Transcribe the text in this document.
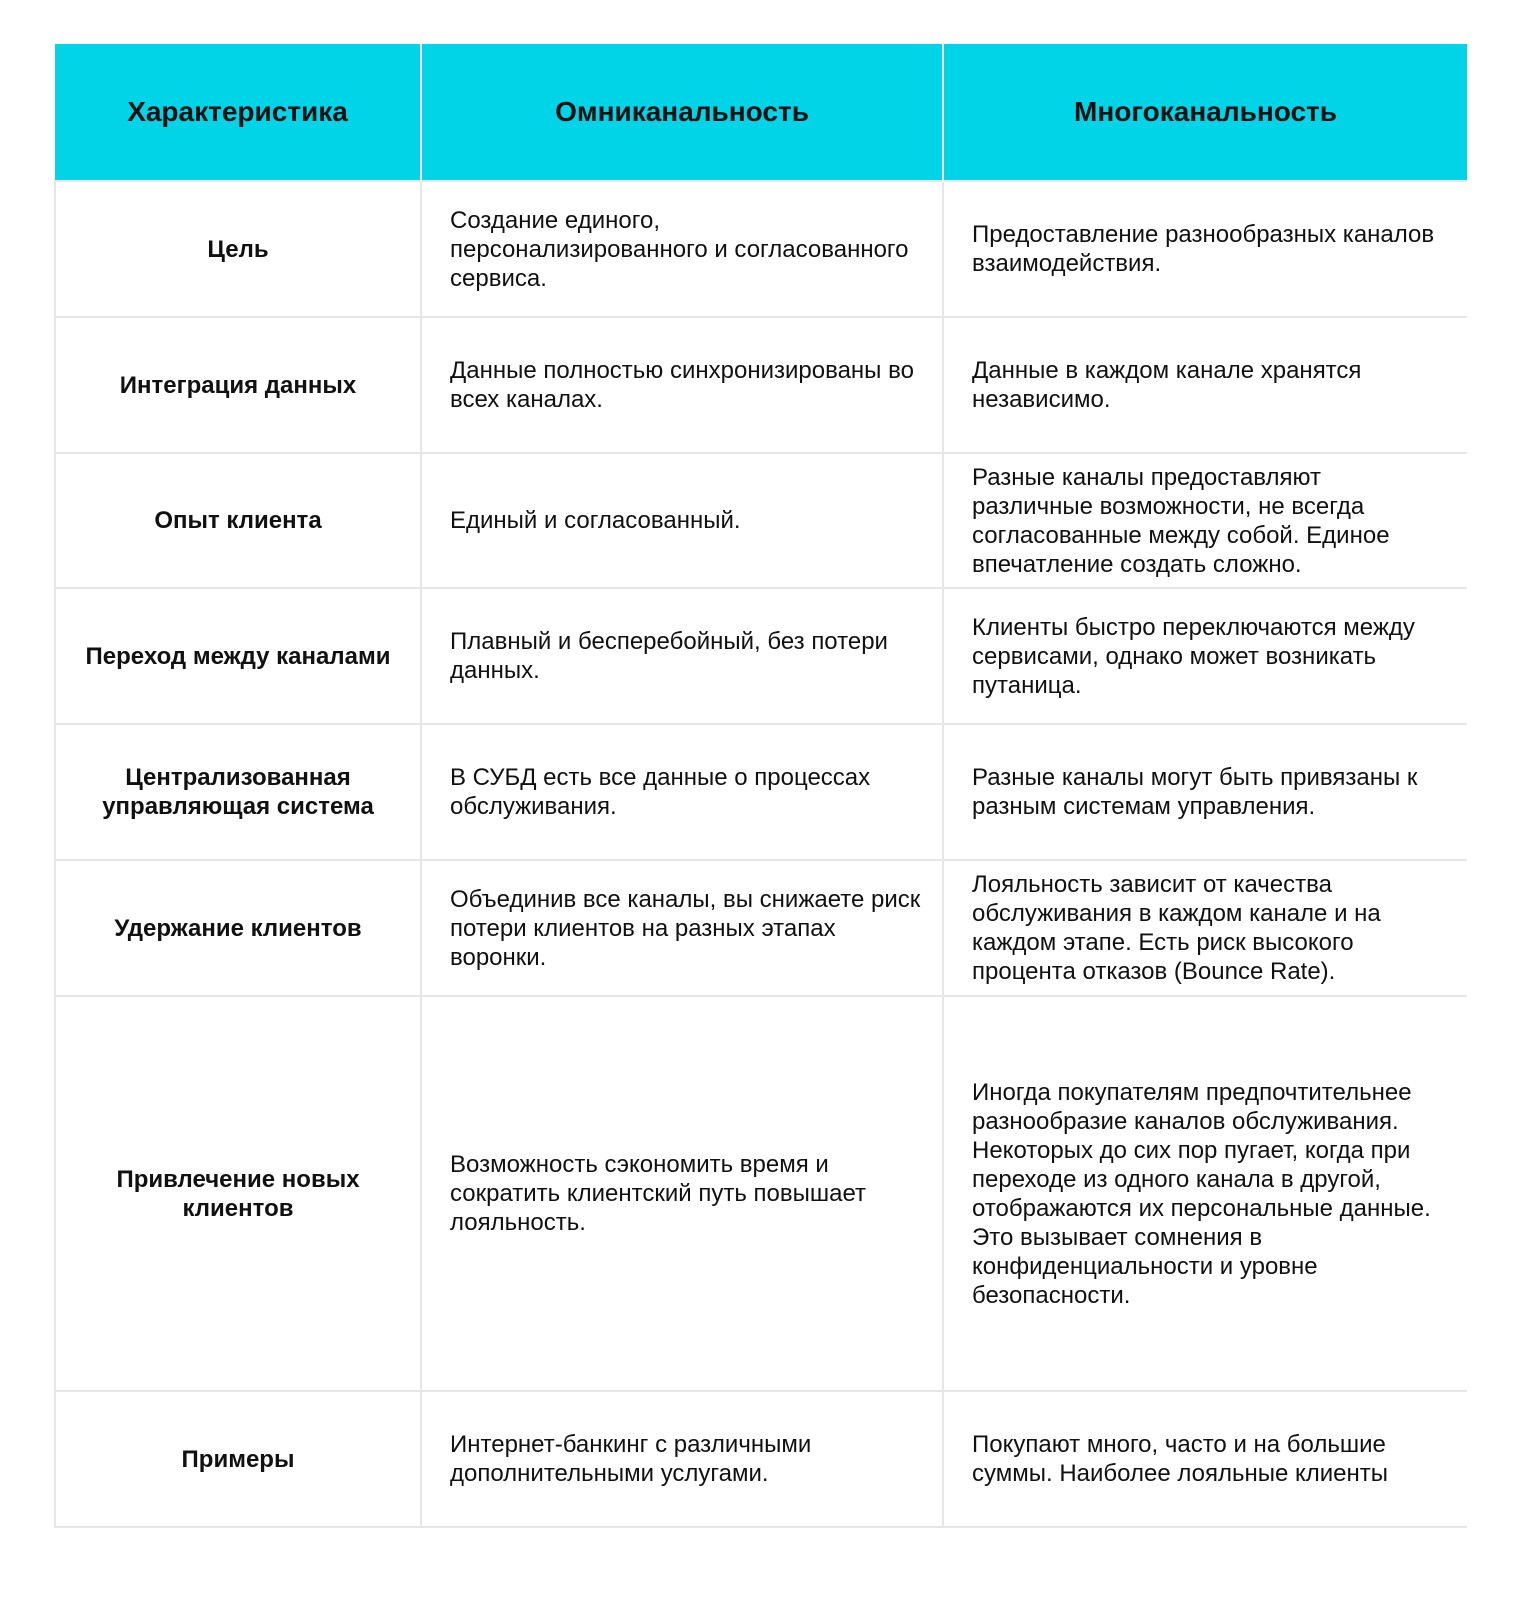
Характеристика	Омниканальность	Многоканальность
Цель	Создание единого, персонализированного и согласованного сервиса.	Предоставление разнообразных каналов взаимодействия.
Интеграция данных	Данные полностью синхронизированы во всех каналах.	Данные в каждом канале хранятся независимо.
Опыт клиента	Единый и согласованный.	Разные каналы предоставляют различные возможности, не всегда согласованные между собой. Единое впечатление создать сложно.
Переход между каналами	Плавный и бесперебойный, без потери данных.	Клиенты быстро переключаются между сервисами, однако может возникать путаница.
Централизованная управляющая система	В СУБД есть все данные о процессах обслуживания.	Разные каналы могут быть привязаны к разным системам управления.
Удержание клиентов	Объединив все каналы, вы снижаете риск потери клиентов на разных этапах воронки.	Лояльность зависит от качества обслуживания в каждом канале и на каждом этапе. Есть риск высокого процента отказов (Bounce Rate).
Привлечение новых клиентов	Возможность сэкономить время и сократить клиентский путь повышает лояльность.	Иногда покупателям предпочтительнее разнообразие каналов обслуживания. Некоторых до сих пор пугает, когда при переходе из одного канала в другой, отображаются их персональные данные. Это вызывает сомнения в конфиденциальности и уровне безопасности.
Примеры	Интернет-банкинг с различными дополнительными услугами.	Покупают много, часто и на большие суммы. Наиболее лояльные клиенты
